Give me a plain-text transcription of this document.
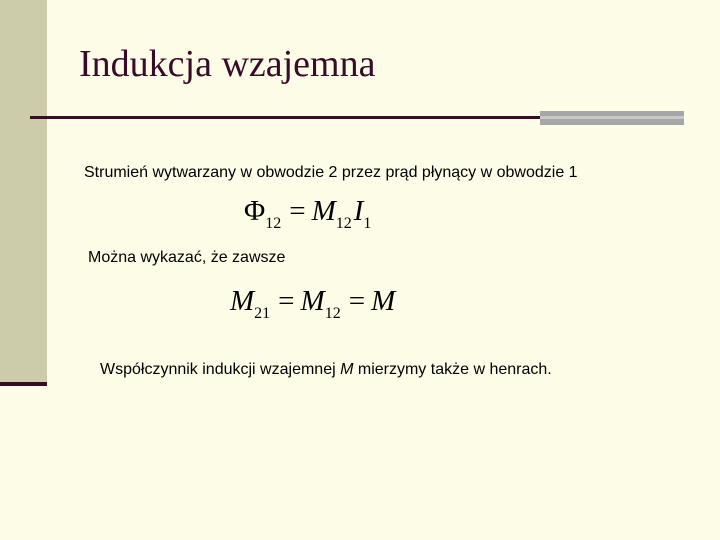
Indukcja wzajemna
Strumień wytwarzany w obwodzie 2 przez prąd płynący w obwodzie 1
Φ12 = M12I1
Można wykazać, że zawsze
M21 = M12 = M
Współczynnik indukcji wzajemnej M mierzymy także w henrach.
